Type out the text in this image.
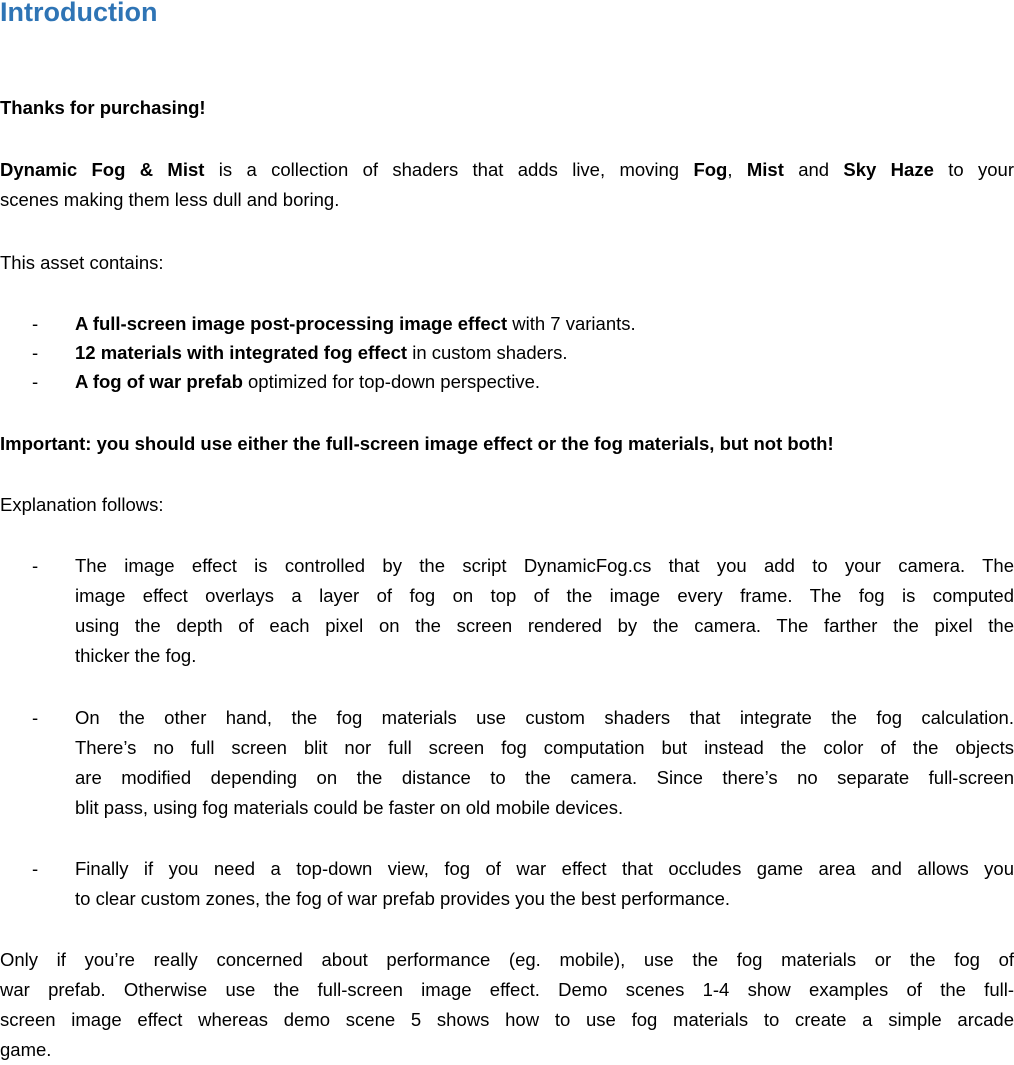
Introduction
Thanks for purchasing!
Dynamic Fog & Mist is a collection of shaders that adds live, moving Fog, Mist and Sky Haze to your
scenes making them less dull and boring.
This asset contains:
- A full-screen image post-processing image effect with 7 variants.
- 12 materials with integrated fog effect in custom shaders.
- A fog of war prefab optimized for top-down perspective.
Important: you should use either the full-screen image effect or the fog materials, but not both!
Explanation follows:
- The image effect is controlled by the script DynamicFog.cs that you add to your camera. The
image effect overlays a layer of fog on top of the image every frame. The fog is computed
using the depth of each pixel on the screen rendered by the camera. The farther the pixel the
thicker the fog.
- On the other hand, the fog materials use custom shaders that integrate the fog calculation.
There’s no full screen blit nor full screen fog computation but instead the color of the objects
are modified depending on the distance to the camera. Since there’s no separate full-screen
blit pass, using fog materials could be faster on old mobile devices.
- Finally if you need a top-down view, fog of war effect that occludes game area and allows you
to clear custom zones, the fog of war prefab provides you the best performance.
Only if you’re really concerned about performance (eg. mobile), use the fog materials or the fog of
war prefab. Otherwise use the full-screen image effect. Demo scenes 1-4 show examples of the full-
screen image effect whereas demo scene 5 shows how to use fog materials to create a simple arcade
game.
